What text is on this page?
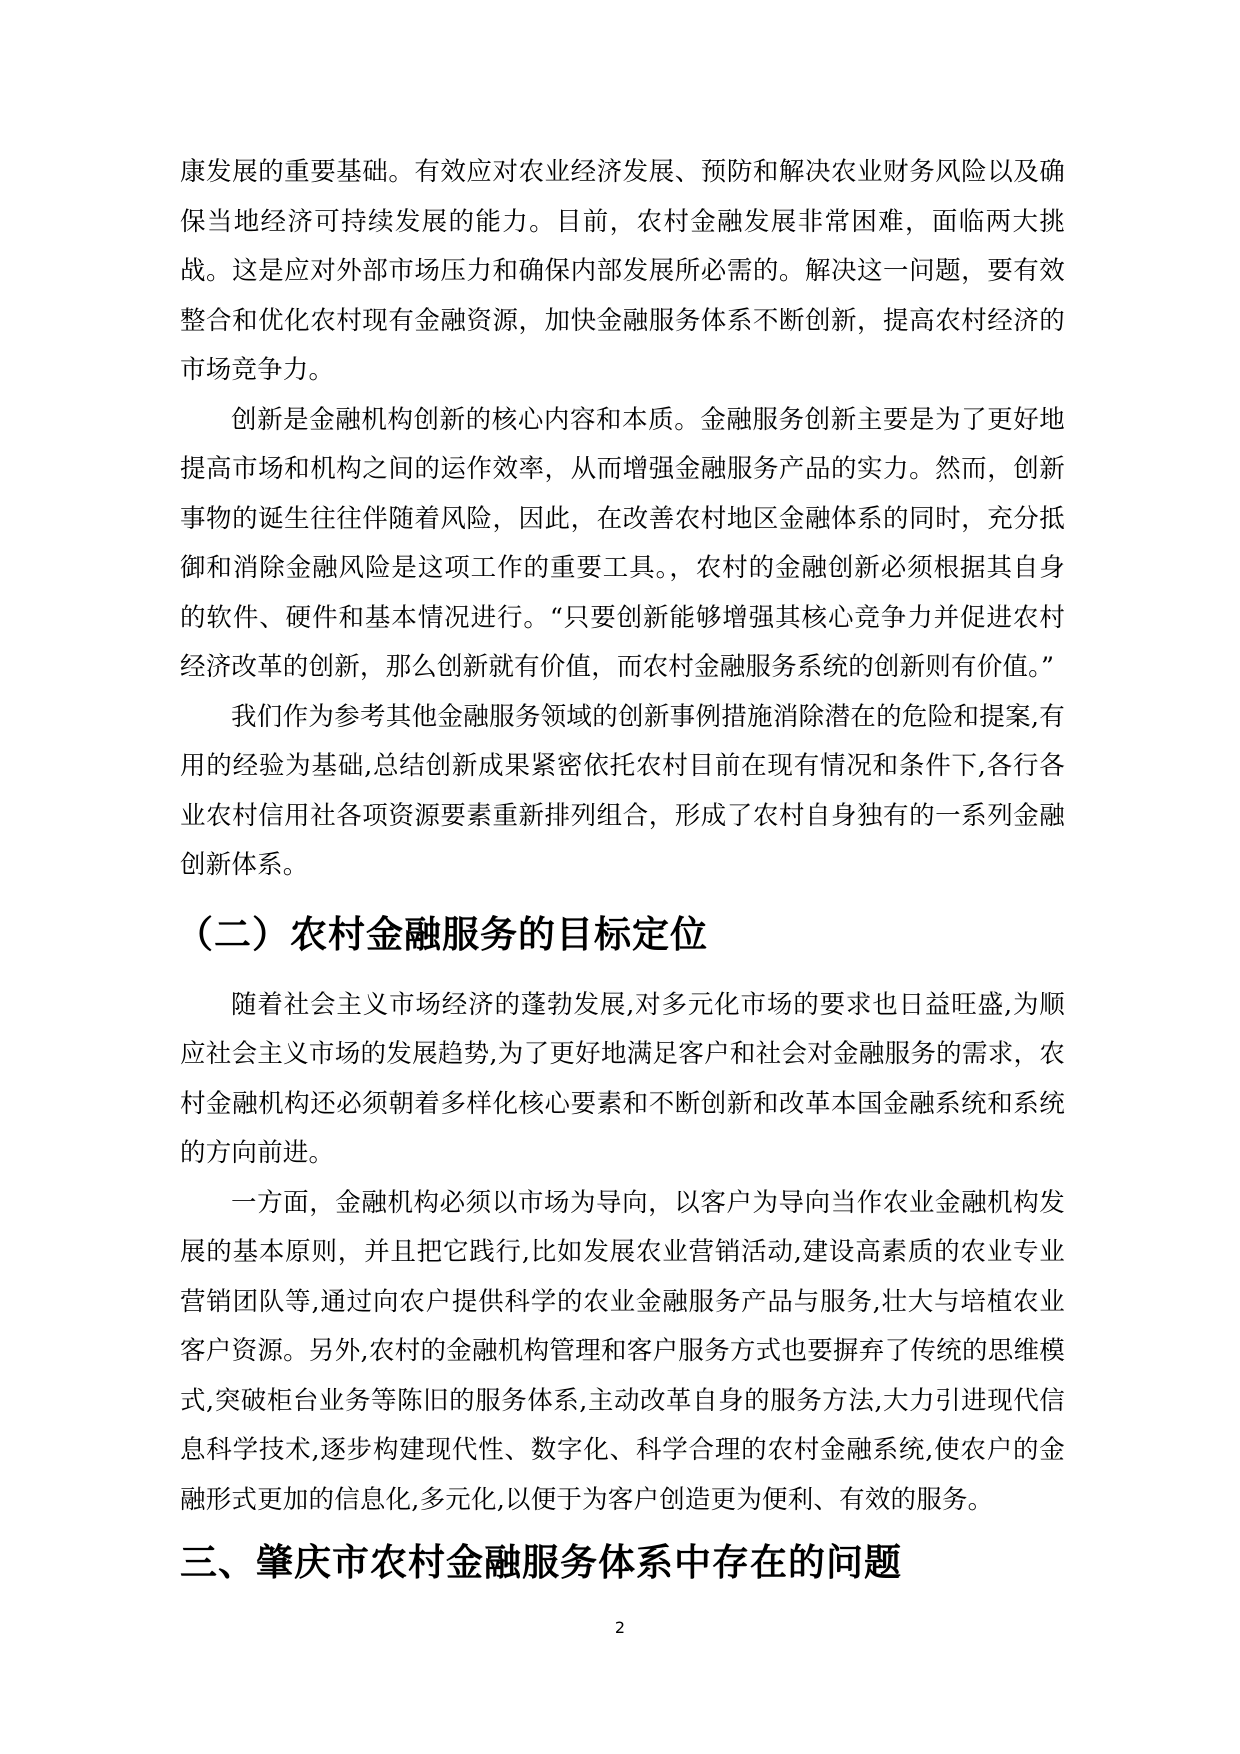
康发展的重要基础。有效应对农业经济发展、预防和解决农业财务风险以及确保当地经济可持续发展的能力。目前，农村金融发展非常困难，面临两大挑战。这是应对外部市场压力和确保内部发展所必需的。解决这一问题，要有效整合和优化农村现有金融资源，加快金融服务体系不断创新，提高农村经济的市场竞争力。

创新是金融机构创新的核心内容和本质。金融服务创新主要是为了更好地提高市场和机构之间的运作效率，从而增强金融服务产品的实力。然而，创新事物的诞生往往伴随着风险，因此，在改善农村地区金融体系的同时，充分抵御和消除金融风险是这项工作的重要工具。，农村的金融创新必须根据其自身的软件、硬件和基本情况进行。“只要创新能够增强其核心竞争力并促进农村经济改革的创新，那么创新就有价值，而农村金融服务系统的创新则有价值。”

我们作为参考其他金融服务领域的创新事例措施消除潜在的危险和提案,有用的经验为基础,总结创新成果紧密依托农村目前在现有情况和条件下,各行各业农村信用社各项资源要素重新排列组合，形成了农村自身独有的一系列金融创新体系。

（二）农村金融服务的目标定位

随着社会主义市场经济的蓬勃发展,对多元化市场的要求也日益旺盛,为顺应社会主义市场的发展趋势,为了更好地满足客户和社会对金融服务的需求，农村金融机构还必须朝着多样化核心要素和不断创新和改革本国金融系统和系统的方向前进。

一方面，金融机构必须以市场为导向，以客户为导向当作农业金融机构发展的基本原则，并且把它践行,比如发展农业营销活动,建设高素质的农业专业营销团队等,通过向农户提供科学的农业金融服务产品与服务,壮大与培植农业客户资源。另外,农村的金融机构管理和客户服务方式也要摒弃了传统的思维模式,突破柜台业务等陈旧的服务体系,主动改革自身的服务方法,大力引进现代信息科学技术,逐步构建现代性、数字化、科学合理的农村金融系统,使农户的金融形式更加的信息化,多元化,以便于为客户创造更为便利、有效的服务。

三、肇庆市农村金融服务体系中存在的问题
2
